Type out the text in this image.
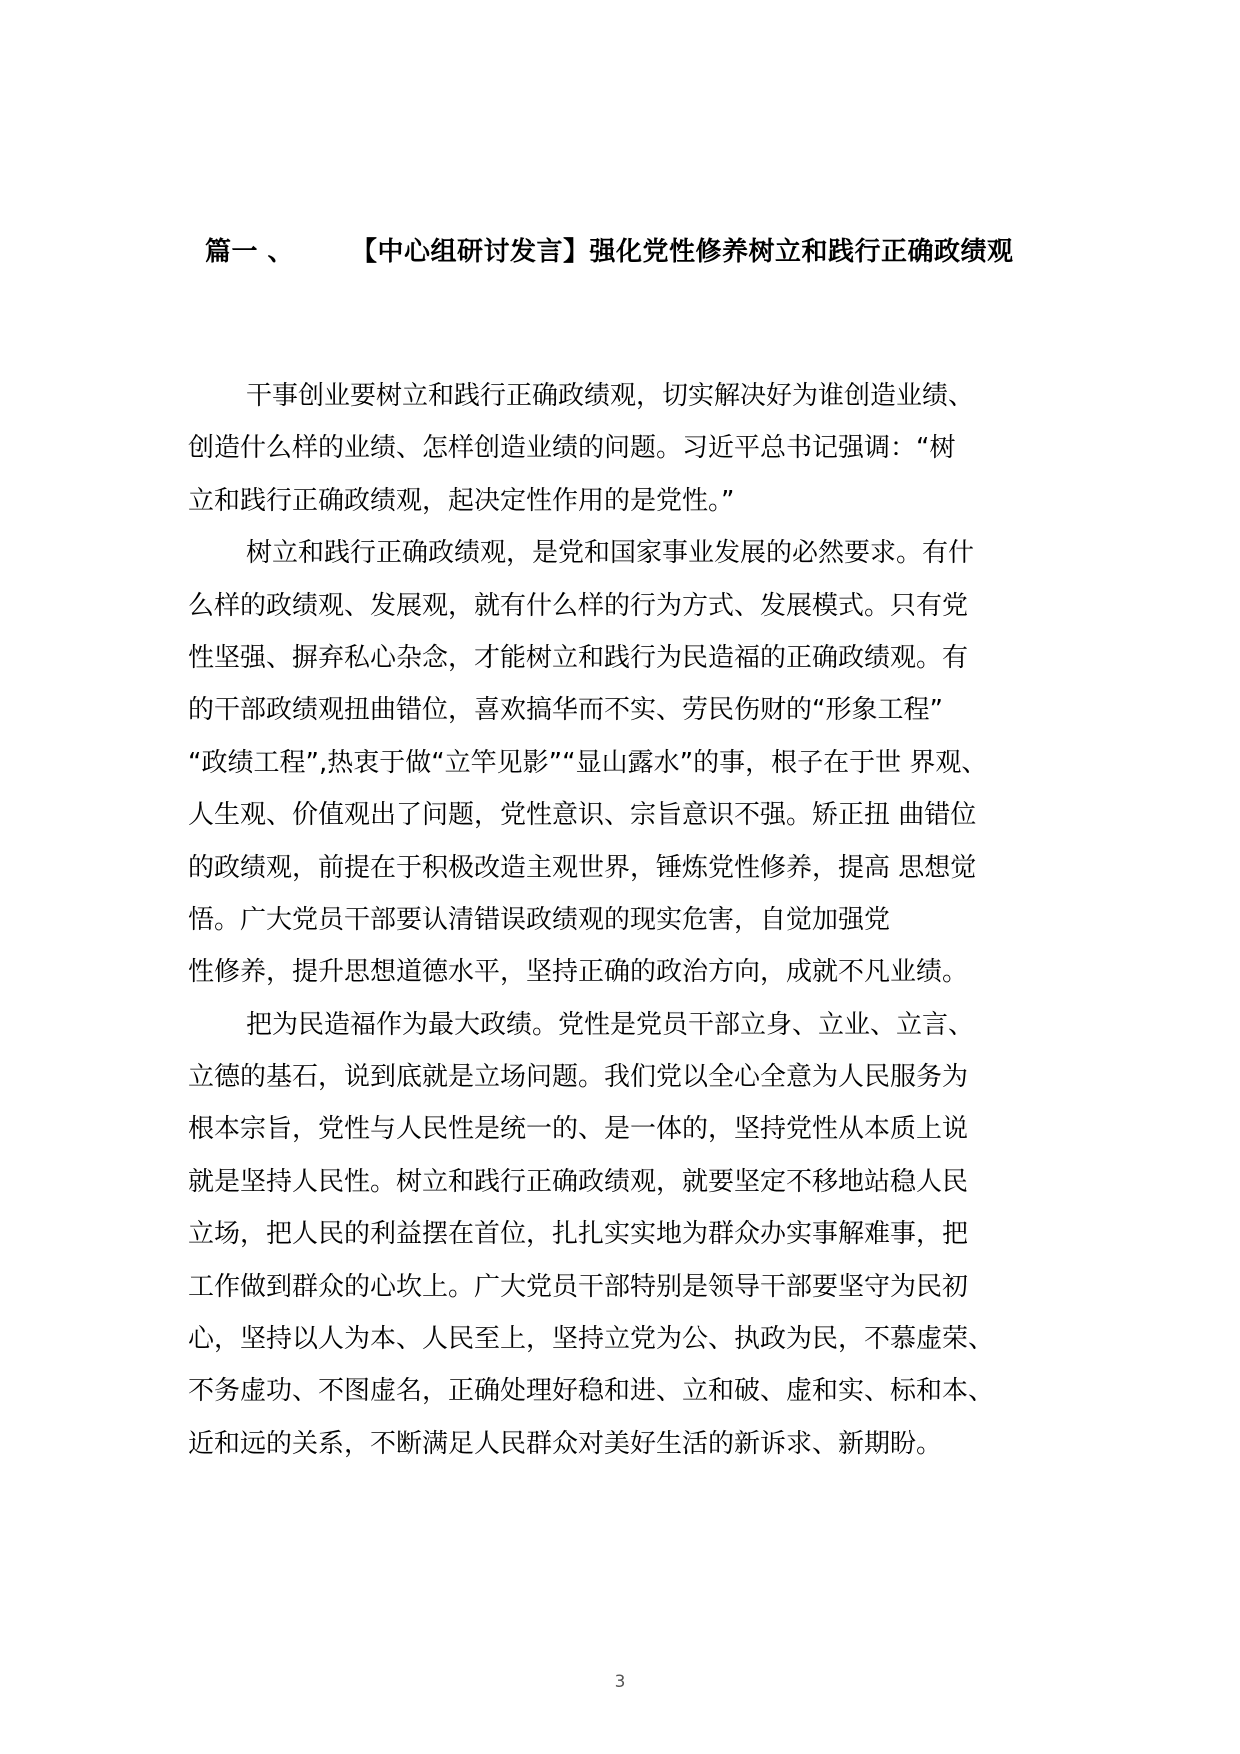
篇一 、 【中心组研讨发言】强化党性修养树立和践行正确政绩观
干事创业要树立和践行正确政绩观，切实解决好为谁创造业绩、
创造什么样的业绩、怎样创造业绩的问题。习近平总书记强调：“树
立和践行正确政绩观，起决定性作用的是党性。”
树立和践行正确政绩观，是党和国家事业发展的必然要求。有什
么样的政绩观、发展观，就有什么样的行为方式、发展模式。只有党
性坚强、摒弃私心杂念，才能树立和践行为民造福的正确政绩观。有
的干部政绩观扭曲错位，喜欢搞华而不实、劳民伤财的“形象工程”
“政绩工程”,热衷于做“立竿见影”“显山露水”的事，根子在于世 界观、
人生观、价值观出了问题，党性意识、宗旨意识不强。矫正扭 曲错位
的政绩观，前提在于积极改造主观世界，锤炼党性修养，提高 思想觉
悟。广大党员干部要认清错误政绩观的现实危害，自觉加强党
性修养，提升思想道德水平，坚持正确的政治方向，成就不凡业绩。
把为民造福作为最大政绩。党性是党员干部立身、立业、立言、
立德的基石，说到底就是立场问题。我们党以全心全意为人民服务为
根本宗旨，党性与人民性是统一的、是一体的，坚持党性从本质上说
就是坚持人民性。树立和践行正确政绩观，就要坚定不移地站稳人民
立场，把人民的利益摆在首位，扎扎实实地为群众办实事解难事，把
工作做到群众的心坎上。广大党员干部特别是领导干部要坚守为民初
心，坚持以人为本、人民至上，坚持立党为公、执政为民，不慕虚荣、
不务虚功、不图虚名，正确处理好稳和进、立和破、虚和实、标和本、
近和远的关系，不断满足人民群众对美好生活的新诉求、新期盼。
3
